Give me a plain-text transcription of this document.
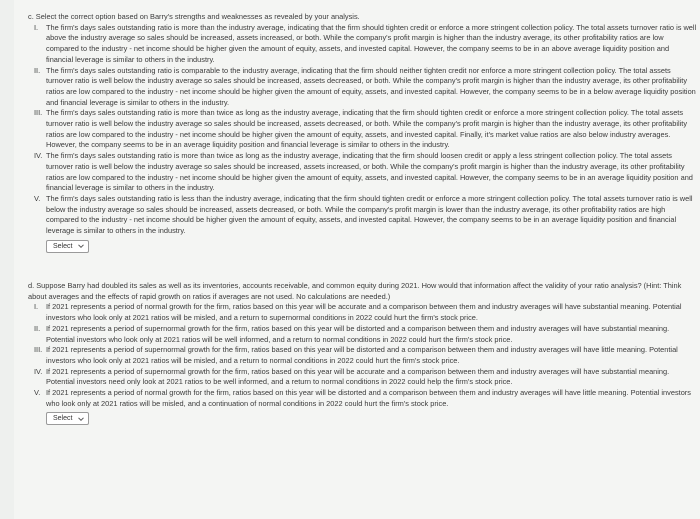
c. Select the correct option based on Barry's strengths and weaknesses as revealed by your analysis.

I. The firm's days sales outstanding ratio is more than the industry average, indicating that the firm should tighten credit or enforce a more stringent collection policy. The total assets turnover ratio is well above the industry average so sales should be increased, assets increased, or both. While the company's profit margin is higher than the industry average, its other profitability ratios are low compared to the industry - net income should be higher given the amount of equity, assets, and invested capital. However, the company seems to be in an above average liquidity position and financial leverage is similar to others in the industry.
II. The firm's days sales outstanding ratio is comparable to the industry average, indicating that the firm should neither tighten credit nor enforce a more stringent collection policy. The total assets turnover ratio is well below the industry average so sales should be increased, assets decreased, or both. While the company's profit margin is higher than the industry average, its other profitability ratios are low compared to the industry - net income should be higher given the amount of equity, assets, and invested capital. However, the company seems to be in a below average liquidity position and financial leverage is similar to others in the industry.
III. The firm's days sales outstanding ratio is more than twice as long as the industry average, indicating that the firm should tighten credit or enforce a more stringent collection policy. The total assets turnover ratio is well below the industry average so sales should be increased, assets decreased, or both. While the company's profit margin is higher than the industry average, its other profitability ratios are low compared to the industry - net income should be higher given the amount of equity, assets, and invested capital. Finally, it's market value ratios are also below industry averages. However, the company seems to be in an average liquidity position and financial leverage is similar to others in the industry.
IV. The firm's days sales outstanding ratio is more than twice as long as the industry average, indicating that the firm should loosen credit or apply a less stringent collection policy. The total assets turnover ratio is well below the industry average so sales should be increased, assets increased, or both. While the company's profit margin is higher than the industry average, its other profitability ratios are low compared to the industry - net income should be higher given the amount of equity, assets, and invested capital. However, the company seems to be in an average liquidity position and financial leverage is similar to others in the industry.
V. The firm's days sales outstanding ratio is less than the industry average, indicating that the firm should tighten credit or enforce a more stringent collection policy. The total assets turnover ratio is well below the industry average so sales should be increased, assets decreased, or both. While the company's profit margin is lower than the industry average, its other profitability ratios are high compared to the industry - net income should be higher given the amount of equity, assets, and invested capital. However, the company seems to be in an average liquidity position and financial leverage is similar to others in the industry.
Select

d. Suppose Barry had doubled its sales as well as its inventories, accounts receivable, and common equity during 2021. How would that information affect the validity of your ratio analysis? (Hint: Think about averages and the effects of rapid growth on ratios if averages are not used. No calculations are needed.)

I. If 2021 represents a period of normal growth for the firm, ratios based on this year will be accurate and a comparison between them and industry averages will have substantial meaning. Potential investors who look only at 2021 ratios will be misled, and a return to supernormal conditions in 2022 could hurt the firm's stock price.
II. If 2021 represents a period of supernormal growth for the firm, ratios based on this year will be distorted and a comparison between them and industry averages will have substantial meaning. Potential investors who look only at 2021 ratios will be well informed, and a return to normal conditions in 2022 could hurt the firm's stock price.
III. If 2021 represents a period of supernormal growth for the firm, ratios based on this year will be distorted and a comparison between them and industry averages will have little meaning. Potential investors who look only at 2021 ratios will be misled, and a return to normal conditions in 2022 could hurt the firm's stock price.
IV. If 2021 represents a period of supernormal growth for the firm, ratios based on this year will be accurate and a comparison between them and industry averages will have substantial meaning. Potential investors need only look at 2021 ratios to be well informed, and a return to normal conditions in 2022 could help the firm's stock price.
V. If 2021 represents a period of normal growth for the firm, ratios based on this year will be distorted and a comparison between them and industry averages will have little meaning. Potential investors who look only at 2021 ratios will be misled, and a continuation of normal conditions in 2022 could hurt the firm's stock price.
Select
